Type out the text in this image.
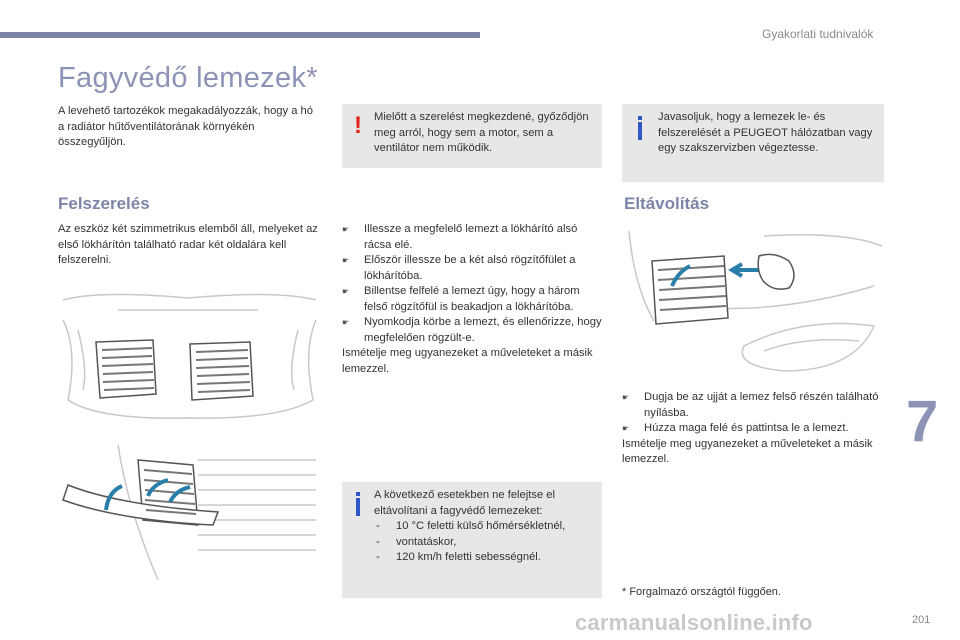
Gyakorlati tudnivalók
Fagyvédő lemezek*
A levehető tartozékok megakadályozzák, hogy a hó a radiátor hűtőventilátorának környékén összegyűljön.
! Mielőtt a szerelést megkezdené, győződjön meg arról, hogy sem a motor, sem a ventilátor nem működik.
Javasoljuk, hogy a lemezek le- és felszerelését a PEUGEOT hálózatban vagy egy szakszervizben végeztesse.
Felszerelés
Az eszköz két szimmetrikus elemből áll, melyeket az első lökhárítón található radar két oldalára kell felszerelni.
☛ Illessze a megfelelő lemezt a lökhárító alsó rácsa elé.
☛ Először illessze be a két alsó rögzítőfület a lökhárítóba.
☛ Billentse felfelé a lemezt úgy, hogy a három felső rögzítőfül is beakadjon a lökhárítóba.
☛ Nyomkodja körbe a lemezt, és ellenőrizze, hogy megfelelően rögzült-e.
Ismételje meg ugyanezeket a műveleteket a másik lemezzel.
A következő esetekben ne felejtse el eltávolítani a fagyvédő lemezeket:
- 10 °C feletti külső hőmérsékletnél,
- vontatáskor,
- 120 km/h feletti sebességnél.
Eltávolítás
☛ Dugja be az ujját a lemez felső részén található nyílásba.
☛ Húzza maga felé és pattintsa le a lemezt.
Ismételje meg ugyanezeket a műveleteket a másik lemezzel.
7
* Forgalmazó országtól függően.
carmanualsonline.info	201
